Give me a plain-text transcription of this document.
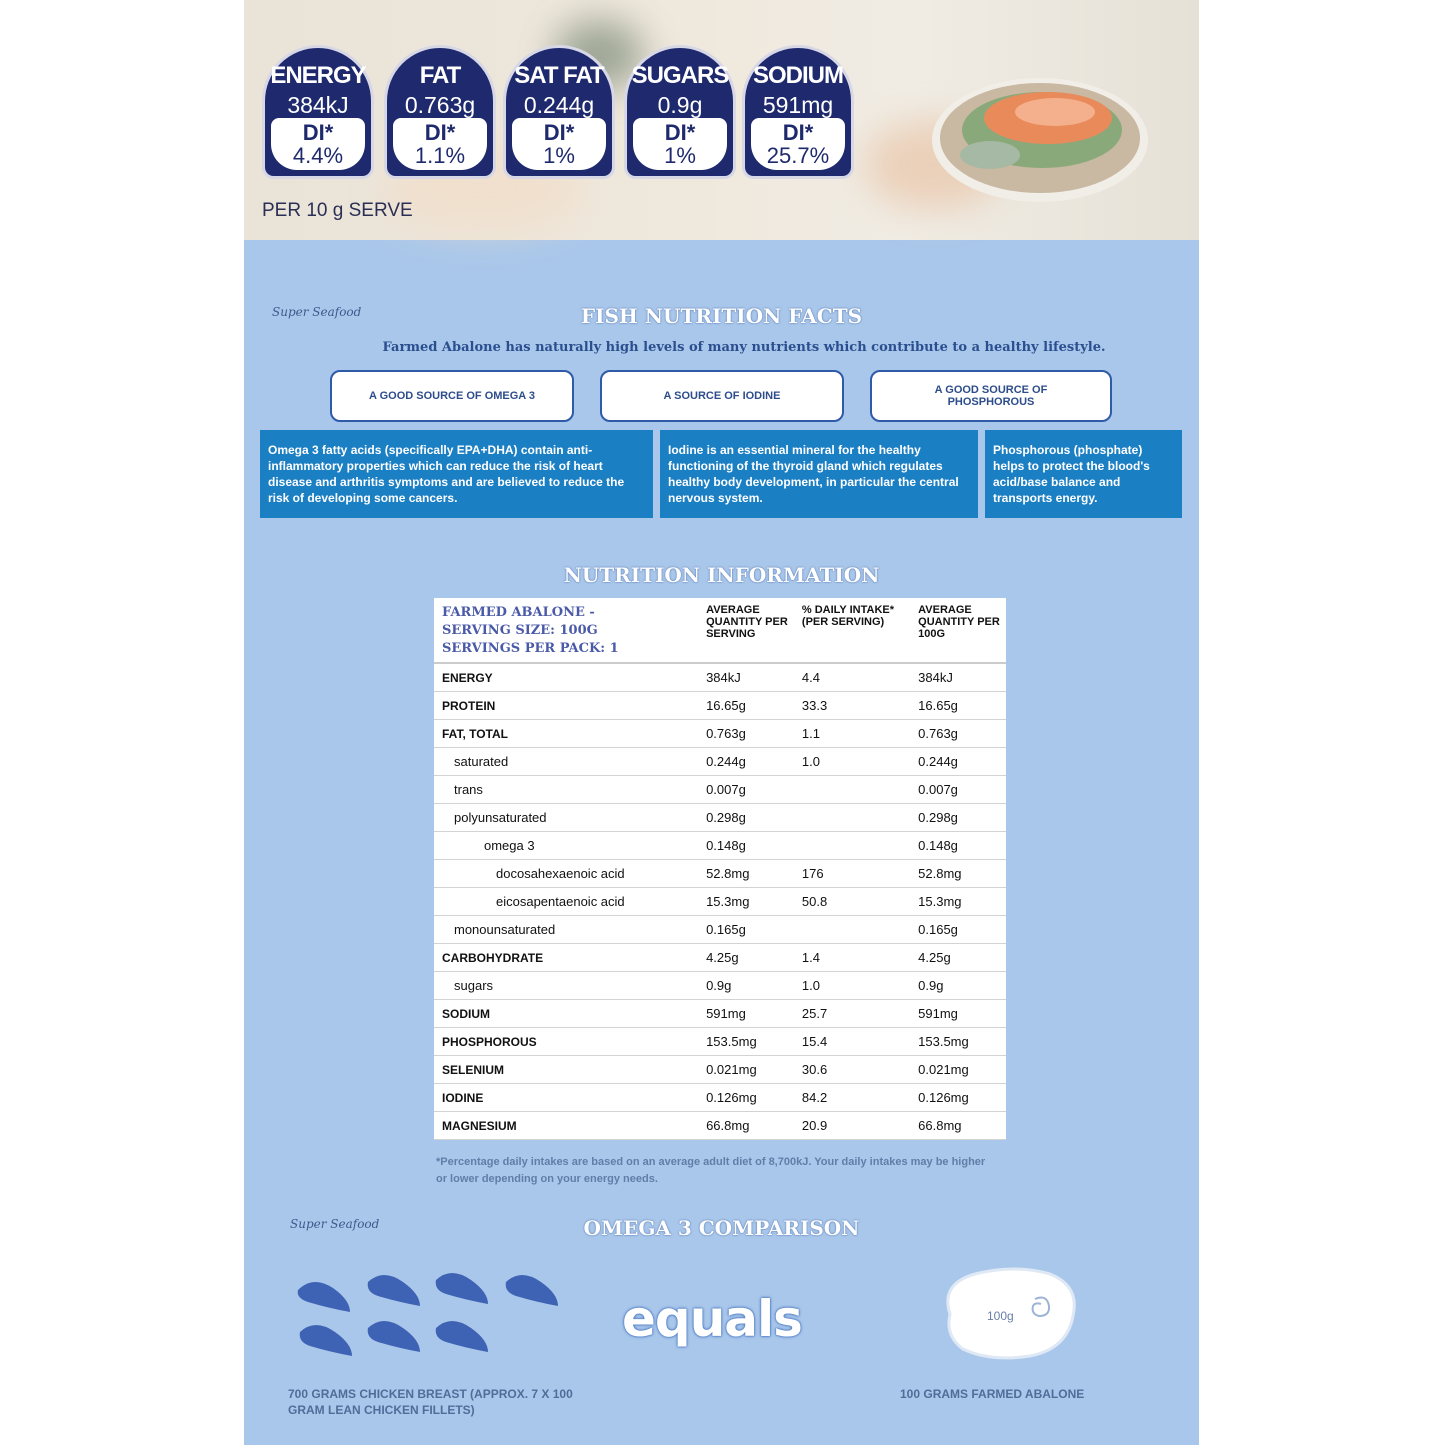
ENERGY
384kJ
DI*
4.4%
FAT
0.763g
DI*
1.1%
SAT FAT
0.244g
DI*
1%
SUGARS
0.9g
DI*
1%
SODIUM
591mg
DI*
25.7%
PER 10 g SERVE
Super Seafood	FISH NUTRITION FACTS
Farmed Abalone has naturally high levels of many nutrients which contribute to a healthy lifestyle.
A GOOD SOURCE OF OMEGA 3	A SOURCE OF IODINE	A GOOD SOURCE OF PHOSPHOROUS
Omega 3 fatty acids (specifically EPA+DHA) contain anti-inflammatory properties which can reduce the risk of heart disease and arthritis symptoms and are believed to reduce the risk of developing some cancers.
Iodine is an essential mineral for the healthy functioning of the thyroid gland which regulates healthy body development, in particular the central nervous system.
Phosphorous (phosphate) helps to protect the blood's acid/base balance and transports energy.
NUTRITION INFORMATION
FARMED ABALONE -
SERVING SIZE: 100G
SERVINGS PER PACK: 1	AVERAGE QUANTITY PER SERVING	% DAILY INTAKE* (PER SERVING)	AVERAGE QUANTITY PER 100G
ENERGY	384kJ	4.4	384kJ
PROTEIN	16.65g	33.3	16.65g
FAT, TOTAL	0.763g	1.1	0.763g
saturated	0.244g	1.0	0.244g
trans	0.007g		0.007g
polyunsaturated	0.298g		0.298g
omega 3	0.148g		0.148g
docosahexaenoic acid	52.8mg	176	52.8mg
eicosapentaenoic acid	15.3mg	50.8	15.3mg
monounsaturated	0.165g		0.165g
CARBOHYDRATE	4.25g	1.4	4.25g
sugars	0.9g	1.0	0.9g
SODIUM	591mg	25.7	591mg
PHOSPHOROUS	153.5mg	15.4	153.5mg
SELENIUM	0.021mg	30.6	0.021mg
IODINE	0.126mg	84.2	0.126mg
MAGNESIUM	66.8mg	20.9	66.8mg
*Percentage daily intakes are based on an average adult diet of 8,700kJ. Your daily intakes may be higher or lower depending on your energy needs.
Super Seafood	OMEGA 3 COMPARISON
equals	100g
700 GRAMS CHICKEN BREAST (APPROX. 7 X 100 GRAM LEAN CHICKEN FILLETS)
100 GRAMS FARMED ABALONE
